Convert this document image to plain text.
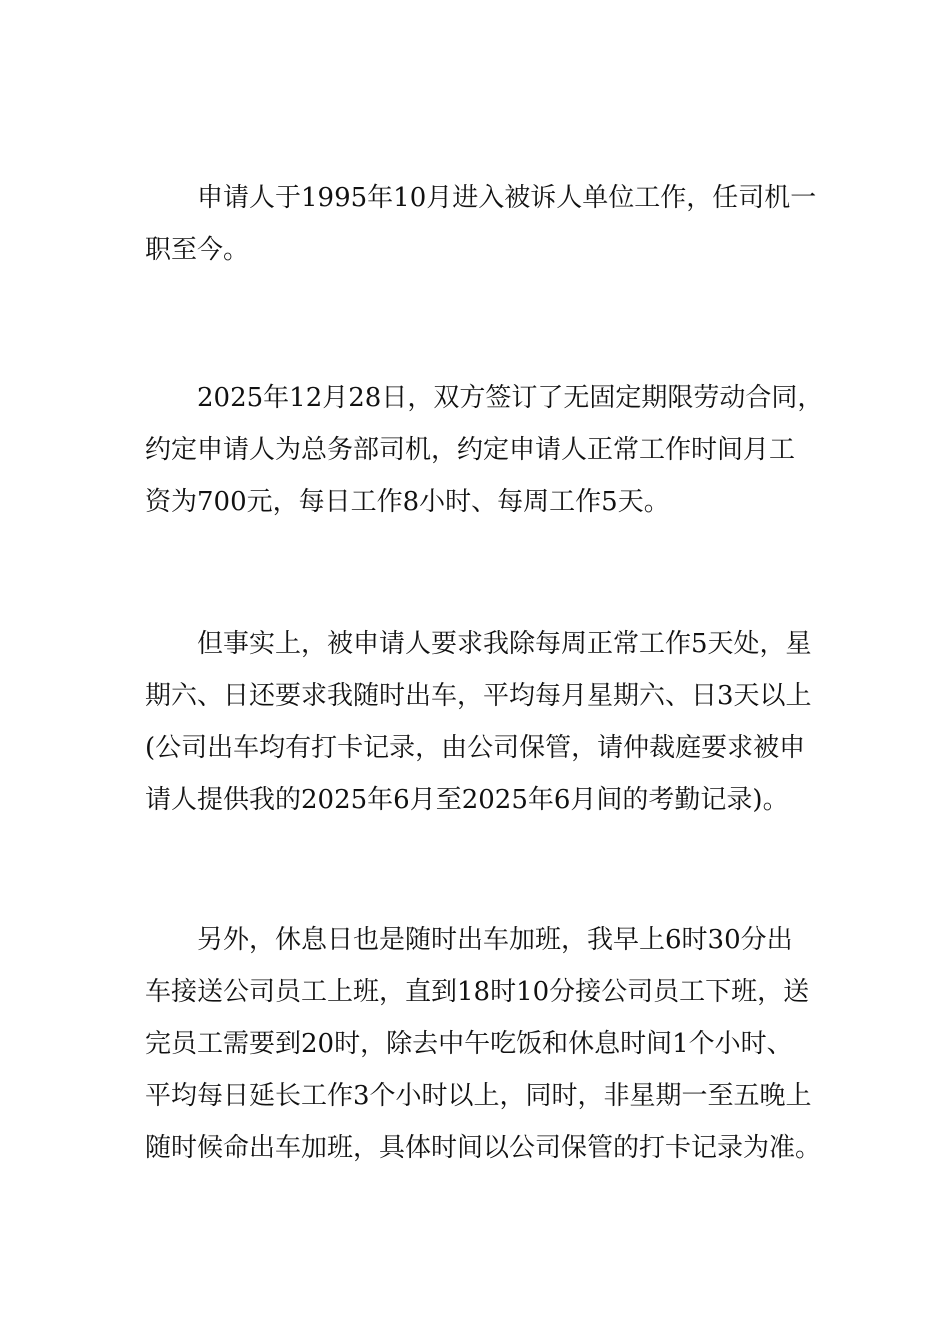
申请人于1995年10月进入被诉人单位工作，任司机一
职至今。

2025年12月28日，双方签订了无固定期限劳动合同，
约定申请人为总务部司机，约定申请人正常工作时间月工
资为700元，每日工作8小时、每周工作5天。

但事实上，被申请人要求我除每周正常工作5天处，星
期六、日还要求我随时出车，平均每月星期六、日3天以上
(公司出车均有打卡记录，由公司保管，请仲裁庭要求被申
请人提供我的2025年6月至2025年6月间的考勤记录)。

另外，休息日也是随时出车加班，我早上6时30分出
车接送公司员工上班，直到18时10分接公司员工下班，送
完员工需要到20时，除去中午吃饭和休息时间1个小时、
平均每日延长工作3个小时以上，同时，非星期一至五晚上
随时候命出车加班，具体时间以公司保管的打卡记录为准。
